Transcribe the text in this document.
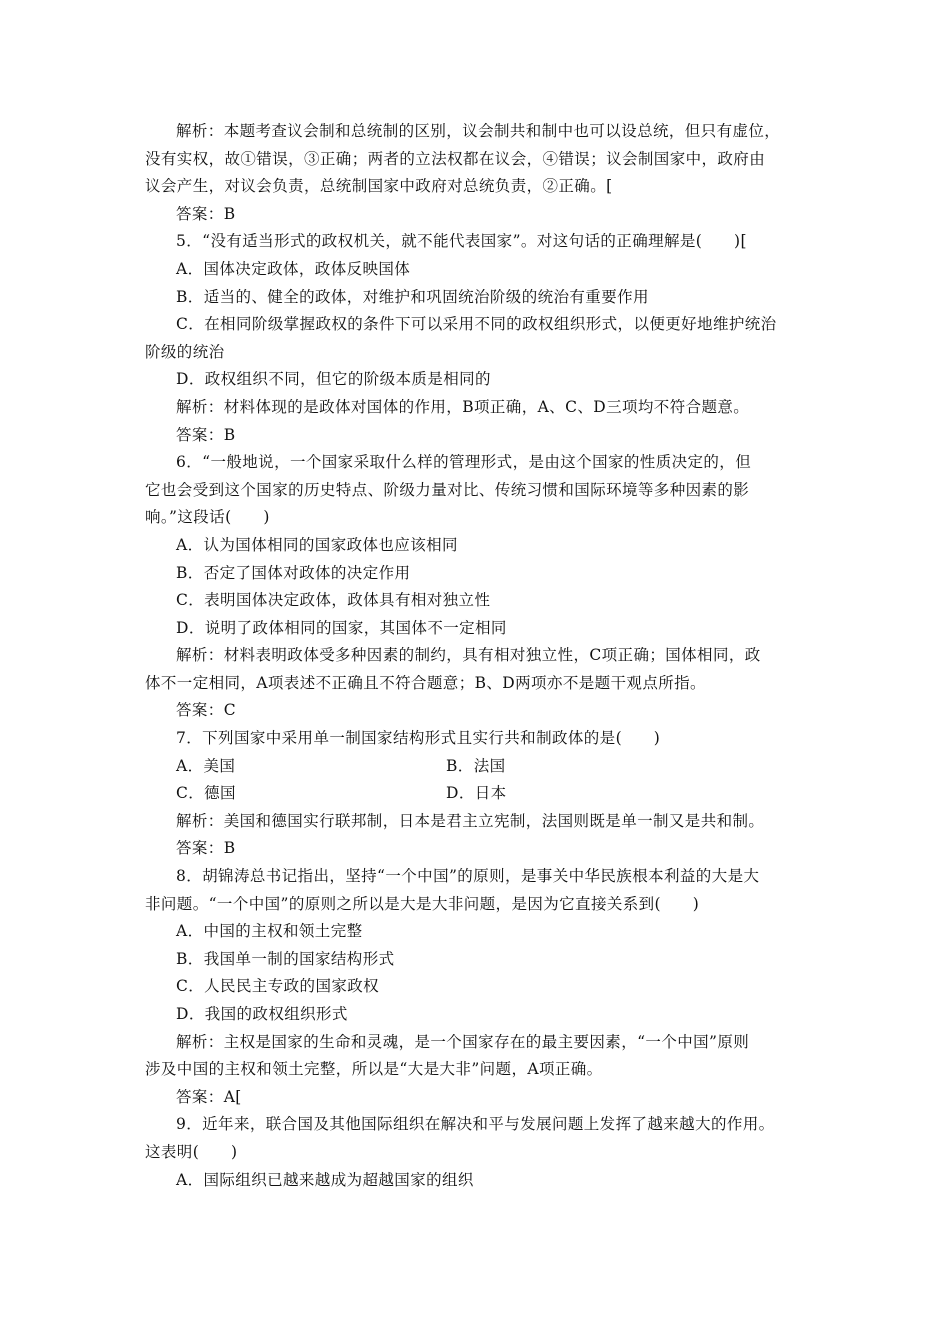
解析：本题考查议会制和总统制的区别，议会制共和制中也可以设总统，但只有虚位，
没有实权，故①错误，③正确；两者的立法权都在议会，④错误；议会制国家中，政府由
议会产生，对议会负责，总统制国家中政府对总统负责，②正确。[
答案：B
5．“没有适当形式的政权机关，就不能代表国家”。对这句话的正确理解是(　　)[
A．国体决定政体，政体反映国体
B．适当的、健全的政体，对维护和巩固统治阶级的统治有重要作用
C．在相同阶级掌握政权的条件下可以采用不同的政权组织形式，以便更好地维护统治
阶级的统治
D．政权组织不同，但它的阶级本质是相同的
解析：材料体现的是政体对国体的作用，B项正确，A、C、D三项均不符合题意。
答案：B
6．“一般地说，一个国家采取什么样的管理形式，是由这个国家的性质决定的，但
它也会受到这个国家的历史特点、阶级力量对比、传统习惯和国际环境等多种因素的影
响。”这段话(　　)
A．认为国体相同的国家政体也应该相同
B．否定了国体对政体的决定作用
C．表明国体决定政体，政体具有相对独立性
D．说明了政体相同的国家，其国体不一定相同
解析：材料表明政体受多种因素的制约，具有相对独立性，C项正确；国体相同，政
体不一定相同，A项表述不正确且不符合题意；B、D两项亦不是题干观点所指。
答案：C
7．下列国家中采用单一制国家结构形式且实行共和制政体的是(　　)
A．美国	B．法国
C．德国	D．日本
解析：美国和德国实行联邦制，日本是君主立宪制，法国则既是单一制又是共和制。
答案：B
8．胡锦涛总书记指出，坚持“一个中国”的原则，是事关中华民族根本利益的大是大
非问题。“一个中国”的原则之所以是大是大非问题，是因为它直接关系到(　　)
A．中国的主权和领土完整
B．我国单一制的国家结构形式
C．人民民主专政的国家政权
D．我国的政权组织形式
解析：主权是国家的生命和灵魂，是一个国家存在的最主要因素，“一个中国”原则
涉及中国的主权和领土完整，所以是“大是大非”问题，A项正确。
答案：A[
9．近年来，联合国及其他国际组织在解决和平与发展问题上发挥了越来越大的作用。
这表明(　　)
A．国际组织已越来越成为超越国家的组织
